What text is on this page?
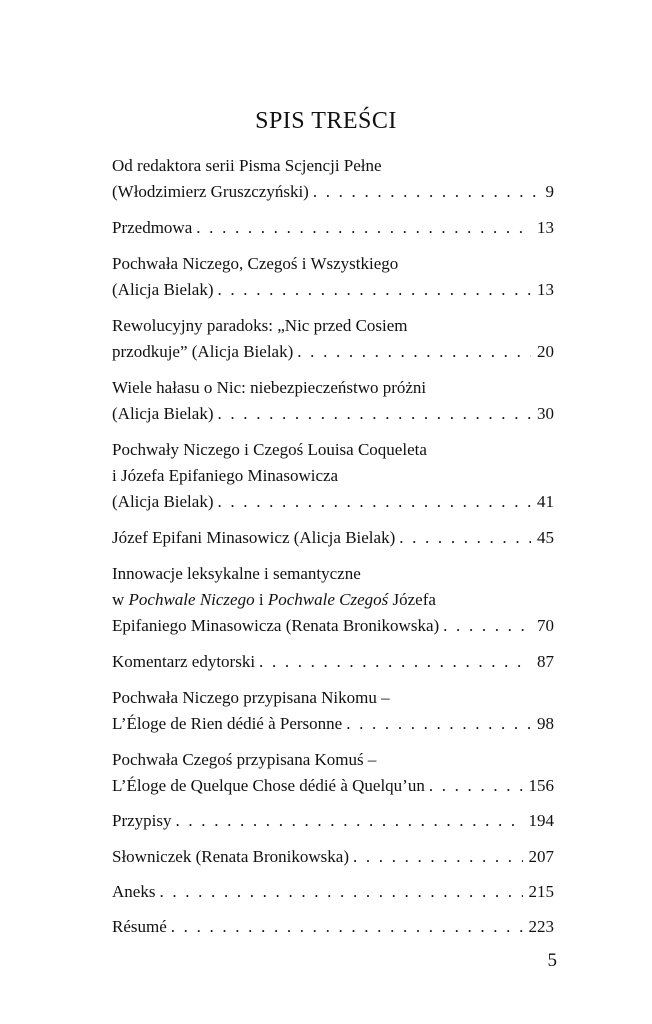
SPIS TREŚCI
Od redaktora serii Pisma Scjencji Pełne
(Włodzimierz Gruszczyński) . . .	9
Przedmowa . . .	13
Pochwała Niczego, Czegoś i Wszystkiego
(Alicja Bielak) . . .	13
Rewolucyjny paradoks: „Nic przed Cosiem
przodkuje” (Alicja Bielak) . . .	20
Wiele hałasu o Nic: niebezpieczeństwo próżni
(Alicja Bielak) . . .	30
Pochwały Niczego i Czegoś Louisa Coqueleta
i Józefa Epifaniego Minasowicza
(Alicja Bielak) . . .	41
Józef Epifani Minasowicz (Alicja Bielak) . . .	45
Innowacje leksykalne i semantyczne
w Pochwale Niczego i Pochwale Czegoś Józefa
Epifaniego Minasowicza (Renata Bronikowska) . . .	70
Komentarz edytorski . . .	87
Pochwała Niczego przypisana Nikomu –
L’Éloge de Rien dédié à Personne . . .	98
Pochwała Czegoś przypisana Komuś –
L’Éloge de Quelque Chose dédié à Quelqu’un . . .	156
Przypisy . . .	194
Słowniczek (Renata Bronikowska) . . .	207
Aneks . . .	215
Résumé . . .	223
5
